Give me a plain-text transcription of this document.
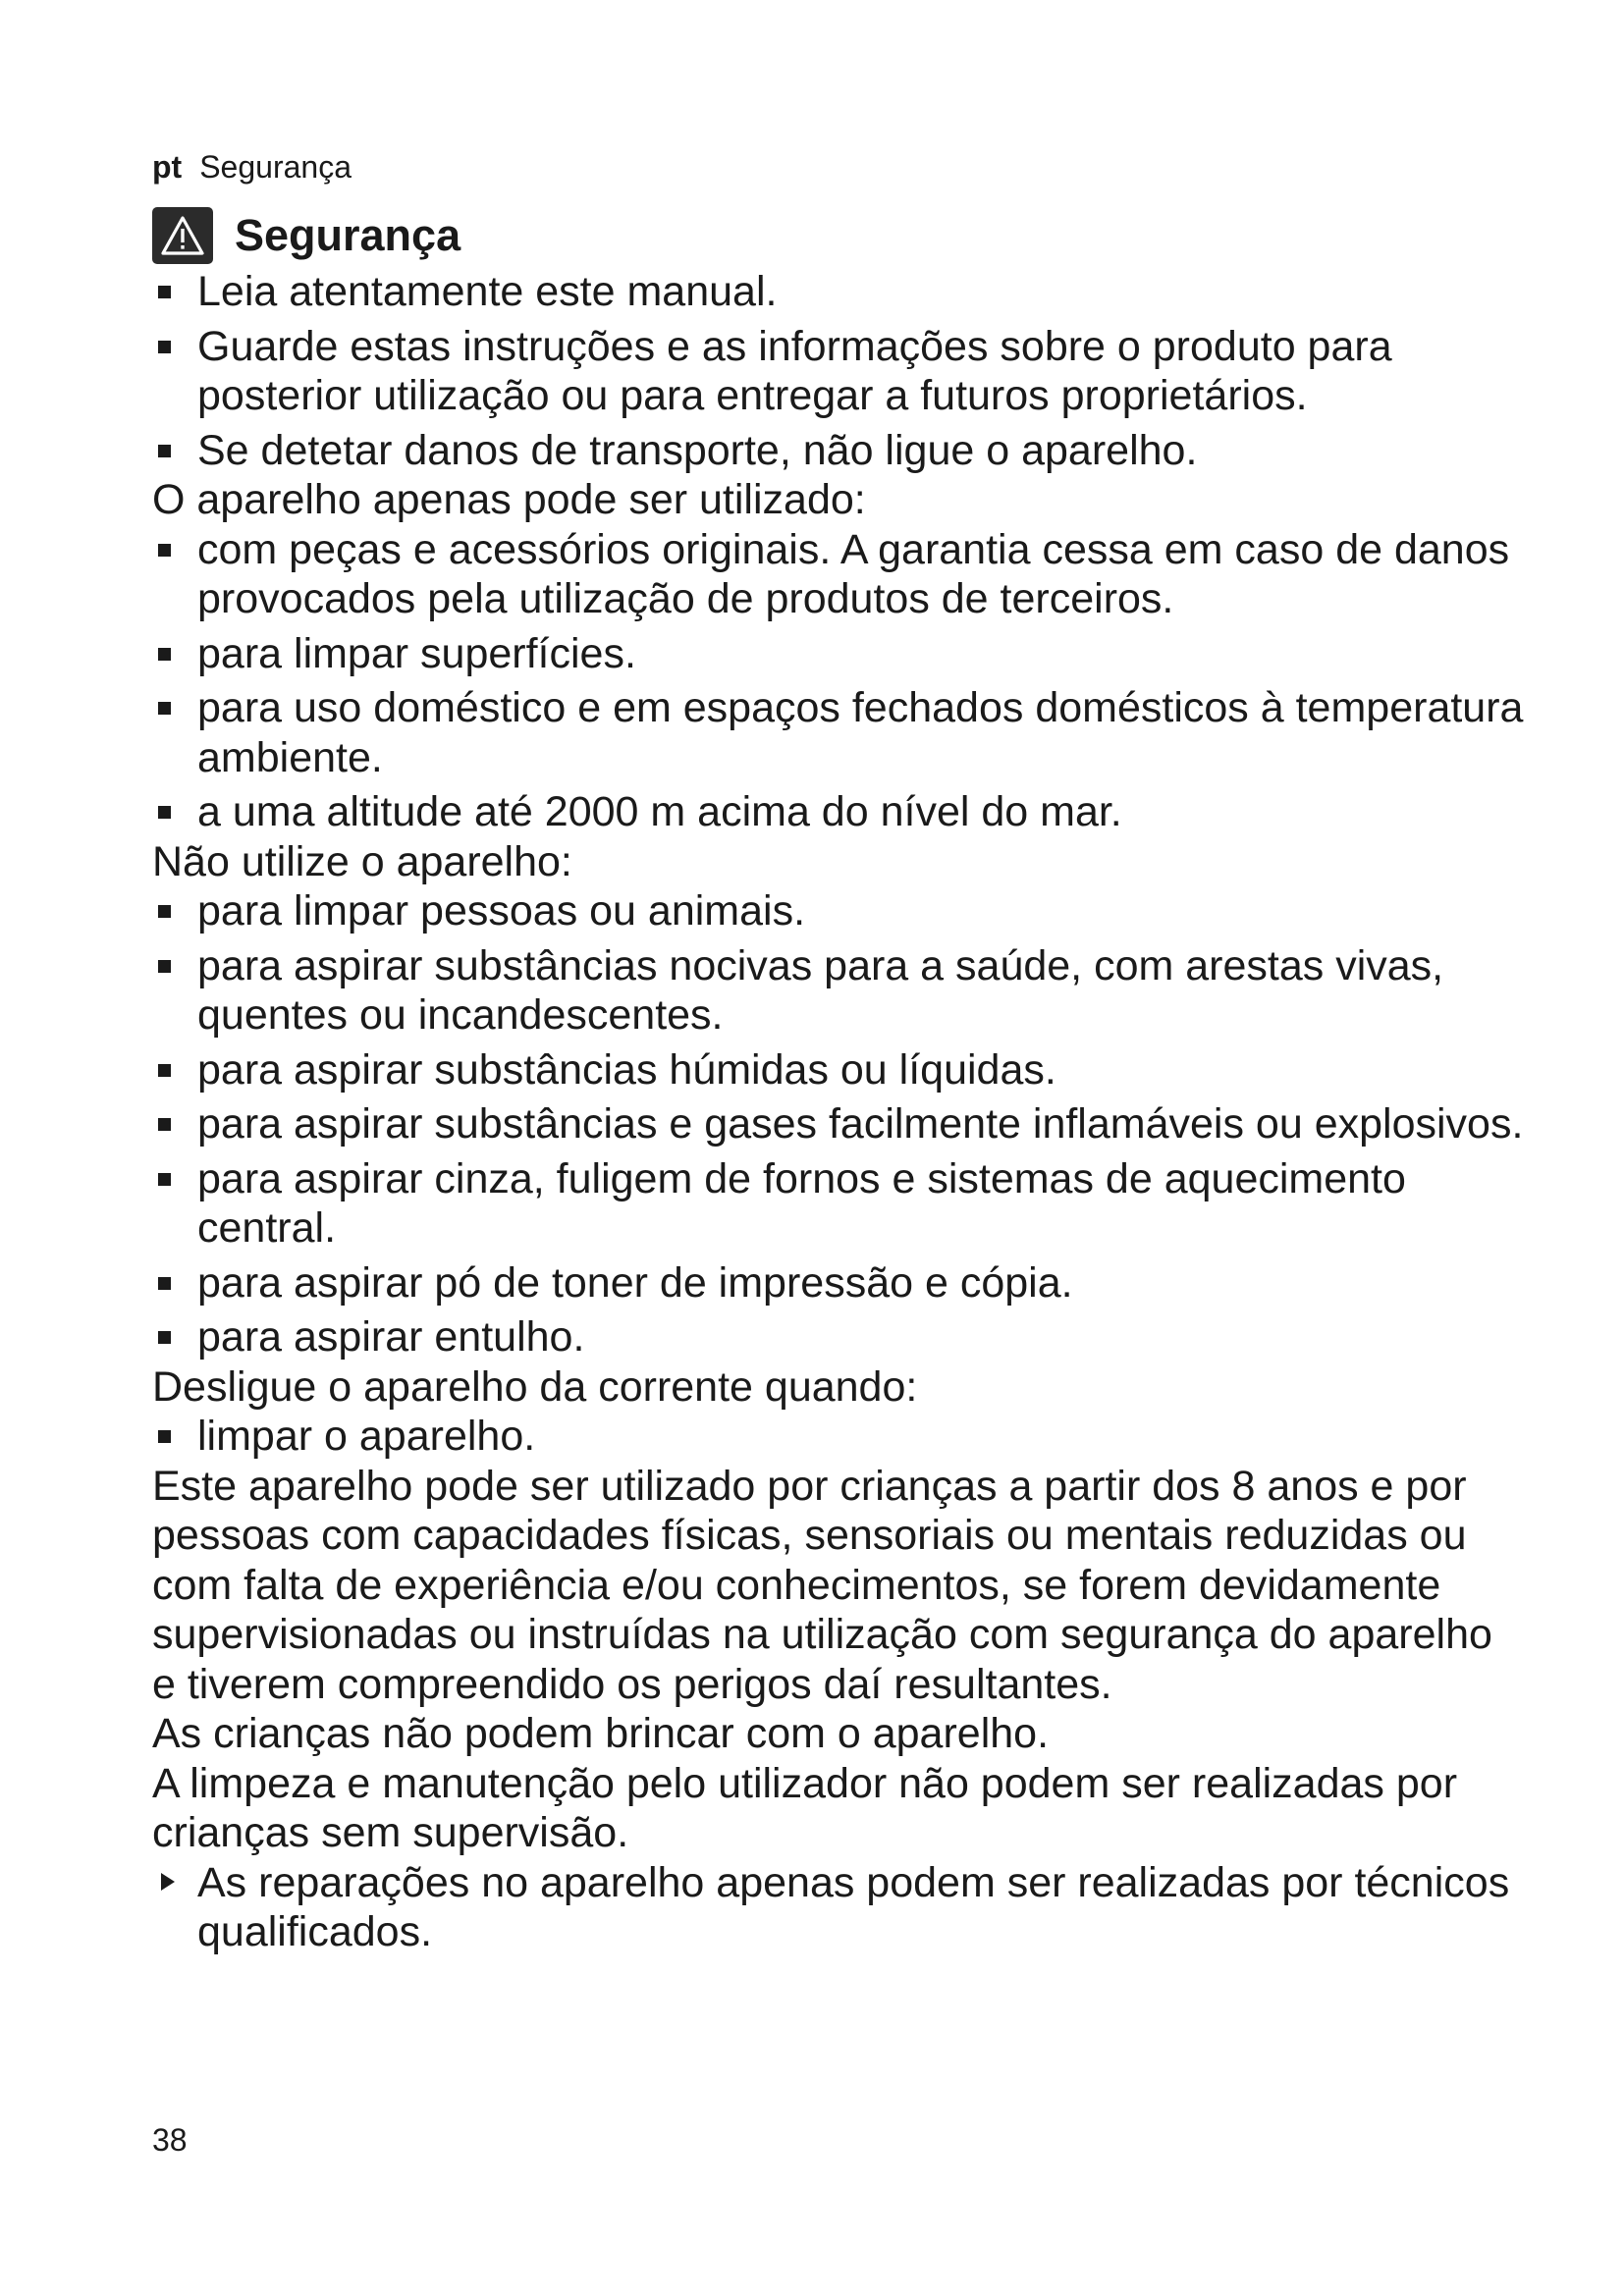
pt Segurança
Segurança
Leia atentamente este manual.
Guarde estas instruções e as informações sobre o produto para posterior utilização ou para entregar a futuros proprietários.
Se detetar danos de transporte, não ligue o aparelho.

O aparelho apenas pode ser utilizado:

com peças e acessórios originais. A garantia cessa em caso de danos provocados pela utilização de produtos de terceiros.
para limpar superfícies.
para uso doméstico e em espaços fechados domésticos à temperatura ambiente.
a uma altitude até 2000 m acima do nível do mar.

Não utilize o aparelho:

para limpar pessoas ou animais.
para aspirar substâncias nocivas para a saúde, com arestas vivas, quentes ou incandescentes.
para aspirar substâncias húmidas ou líquidas.
para aspirar substâncias e gases facilmente inflamáveis ou explosivos.
para aspirar cinza, fuligem de fornos e sistemas de aquecimento central.
para aspirar pó de toner de impressão e cópia.
para aspirar entulho.

Desligue o aparelho da corrente quando:

limpar o aparelho.

Este aparelho pode ser utilizado por crianças a partir dos 8 anos e por pessoas com capacidades físicas, sensoriais ou mentais reduzidas ou com falta de experiência e/ou conhecimentos, se forem devidamente supervisionadas ou instruídas na utilização com segurança do aparelho e tiverem compreendido os perigos daí resultantes.

As crianças não podem brincar com o aparelho.

A limpeza e manutenção pelo utilizador não podem ser realizadas por crianças sem supervisão.

As reparações no aparelho apenas podem ser realizadas por técnicos qualificados.
38
